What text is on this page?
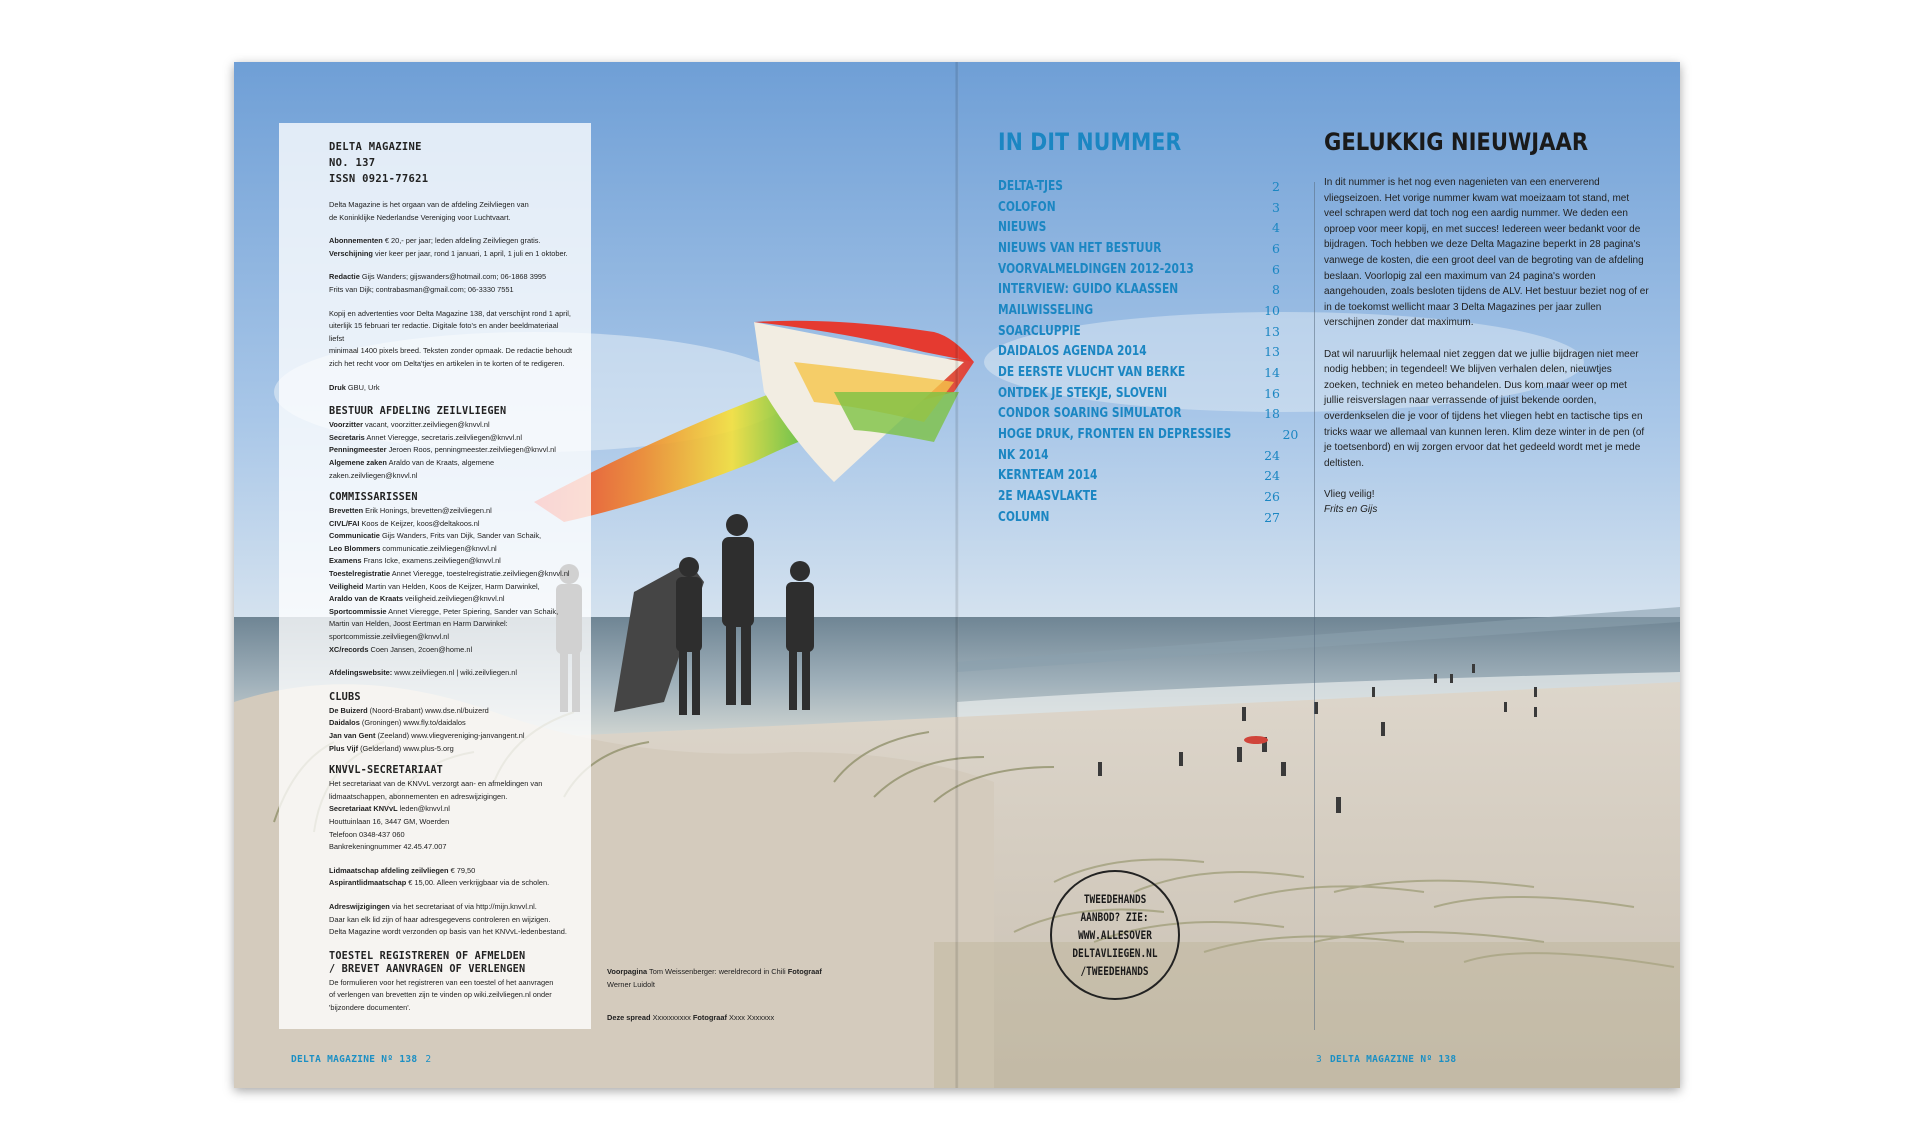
DELTA MAGAZINE
NO. 137
ISSN 0921-77621

Delta Magazine is het orgaan van de afdeling Zeilvliegen van
de Koninklijke Nederlandse Vereniging voor Luchtvaart.

Abonnementen € 20,- per jaar; leden afdeling Zeilvliegen gratis.
Verschijning vier keer per jaar, rond 1 januari, 1 april, 1 juli en 1 oktober.

Redactie Gijs Wanders; gijswanders@hotmail.com; 06-1868 3995
Frits van Dijk; contrabasman@gmail.com; 06-3330 7551

Kopij en advertenties voor Delta Magazine 138, dat verschijnt rond 1 april,
uiterlijk 15 februari ter redactie. Digitale foto's en ander beeldmateriaal liefst
minimaal 1400 pixels breed. Teksten zonder opmaak. De redactie behoudt
zich het recht voor om Delta'tjes en artikelen in te korten of te redigeren.

Druk GBU, Urk

BESTUUR AFDELING ZEILVLIEGEN
Voorzitter vacant, voorzitter.zeilvliegen@knvvl.nl
Secretaris Annet Vieregge, secretaris.zeilvliegen@knvvl.nl
Penningmeester Jeroen Roos, penningmeester.zeilvliegen@knvvl.nl
Algemene zaken Araldo van de Kraats, algemene zaken.zeilvliegen@knvvl.nl
COMMISSARISSEN
Brevetten Erik Honings, brevetten@zeilvliegen.nl
CIVL/FAI Koos de Keijzer, koos@deltakoos.nl
Communicatie Gijs Wanders, Frits van Dijk, Sander van Schaik,
Leo Blommers communicatie.zeilvliegen@knvvl.nl
Examens Frans Icke, examens.zeilvliegen@knvvl.nl
Toestelregistratie Annet Vieregge, toestelregistratie.zeilvliegen@knvvl.nl
Veiligheid Martin van Helden, Koos de Keijzer, Harm Darwinkel,
Araldo van de Kraats veiligheid.zeilvliegen@knvvl.nl
Sportcommissie Annet Vieregge, Peter Spiering, Sander van Schaik,
Martin van Helden, Joost Eertman en Harm Darwinkel:
sportcommissie.zeilvliegen@knvvl.nl
XC/records Coen Jansen, 2coen@home.nl

Afdelingswebsite: www.zeilvliegen.nl | wiki.zeilvliegen.nl

CLUBS
De Buizerd (Noord-Brabant) www.dse.nl/buizerd
Daidalos (Groningen) www.fly.to/daidalos
Jan van Gent (Zeeland) www.vliegvereniging-janvangent.nl
Plus Vijf (Gelderland) www.plus-5.org
KNVVL-SECRETARIAAT
Het secretariaat van de KNVvL verzorgt aan- en afmeldingen van
lidmaatschappen, abonnementen en adreswijzigingen.
Secretariaat KNVvL leden@knvvl.nl
Houttuinlaan 16, 3447 GM, Woerden
Telefoon 0348-437 060
Bankrekeningnummer 42.45.47.007

Lidmaatschap afdeling zeilvliegen € 79,50
Aspirantlidmaatschap € 15,00. Alleen verkrijgbaar via de scholen.

Adreswijzigingen via het secretariaat of via http://mijn.knvvl.nl.
Daar kan elk lid zijn of haar adresgegevens controleren en wijzigen.
Delta Magazine wordt verzonden op basis van het KNVvL-ledenbestand.

TOESTEL REGISTREREN OF AFMELDEN
/ BREVET AANVRAGEN OF VERLENGEN
De formulieren voor het registreren van een toestel of het aanvragen
of verlengen van brevetten zijn te vinden op wiki.zeilvliegen.nl onder
'bijzondere documenten'.

Voorpagina Tom Weissenberger: wereldrecord in Chili Fotograaf Werner Luidolt

Deze spread Xxxxxxxxxx Fotograaf Xxxx Xxxxxxx

DELTA MAGAZINE Nº 138 2
IN DIT NUMMER
DELTA-TJES	2
COLOFON	3
NIEUWS	4
NIEUWS VAN HET BESTUUR	6
VOORVALMELDINGEN 2012-2013	6
INTERVIEW: GUIDO KLAASSEN	8
MAILWISSELING	10
SOARCLUPPIE	13
DAIDALOS AGENDA 2014	13
DE EERSTE VLUCHT VAN BERKE	14
ONTDEK JE STEKJE, SLOVENI	16
CONDOR SOARING SIMULATOR	18
HOGE DRUK, FRONTEN EN DEPRESSIES	20
NK 2014	24
KERNTEAM 2014	24
2E MAASVLAKTE	26
COLUMN	27
GELUKKIG NIEUWJAAR

In dit nummer is het nog even nagenieten van een enerverend vliegseizoen. Het vorige nummer kwam wat moeizaam tot stand, met veel schrapen werd dat toch nog een aardig nummer. We deden een oproep voor meer kopij, en met succes! Iedereen weer bedankt voor de bijdragen. Toch hebben we deze Delta Magazine beperkt in 28 pagina's vanwege de kosten, die een groot deel van de begroting van de afdeling beslaan. Voorlopig zal een maximum van 24 pagina's worden aangehouden, zoals besloten tijdens de ALV. Het bestuur beziet nog of er in de toekomst wellicht maar 3 Delta Magazines per jaar zullen verschijnen zonder dat maximum.

Dat wil naruurlijk helemaal niet zeggen dat we jullie bijdragen niet meer nodig hebben; in tegendeel! We blijven verhalen delen, nieuwtjes zoeken, techniek en meteo behandelen. Dus kom maar weer op met jullie reisverslagen naar verrassende of juist bekende oorden, overdenkselen die je voor of tijdens het vliegen hebt en tactische tips en tricks waar we allemaal van kunnen leren. Klim deze winter in de pen (of je toetsenbord) en wij zorgen ervoor dat het gedeeld wordt met je mede deltisten.

Vlieg veilig!
Frits en Gijs

TWEEDEHANDS
AANBOD? ZIE:
WWW.ALLESOVER
DELTAVLIEGEN.NL
/TWEEDEHANDS
3 DELTA MAGAZINE Nº 138
